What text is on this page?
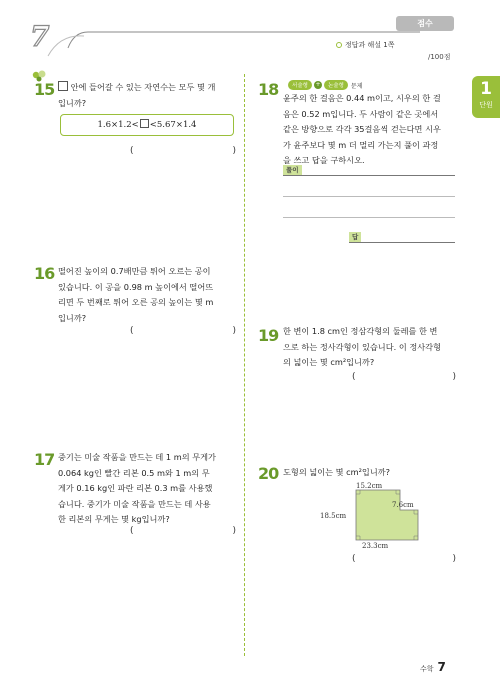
7	점수
정답과 해설 1쪽
/100점
1
단원
15	안에 들어갈 수 있는 자연수는 모두 몇 개
입니까?
1.6×1.2< <5.67×1.4
(	)
16 떨어진 높이의 0.7배만큼 튀어 오르는 공이
있습니다. 이 공을 0.98 m 높이에서 떨어뜨
리면 두 번째로 튀어 오른 공의 높이는 몇 m
입니까?
(	)
17 중기는 미술 작품을 만드는 데 1 m의 무게가
0.064 kg인 빨간 리본 0.5 m와 1 m의 무
게가 0.16 kg인 파란 리본 0.3 m를 사용했
습니다. 중기가 미술 작품을 만드는 데 사용
한 리본의 무게는 몇 kg입니까?
(	)
서술형	+	논술형	문제
18 윤주의 한 걸음은 0.44 m이고, 시우의 한 걸
음은 0.52 m입니다. 두 사람이 같은 곳에서
같은 방향으로 각각 35걸음씩 걷는다면 시우
가 윤주보다 몇 m 더 멀리 가는지 풀이 과정
을 쓰고 답을 구하시오.
풀이
답
19 한 변이 1.8 cm인 정삼각형의 둘레를 한 변
으로 하는 정사각형이 있습니다. 이 정사각형
의 넓이는 몇 cm²입니까?
(	)
20 도형의 넓이는 몇 cm²입니까?
15.2cm
7.6cm
18.5cm
23.3cm
(	)
수학 7
